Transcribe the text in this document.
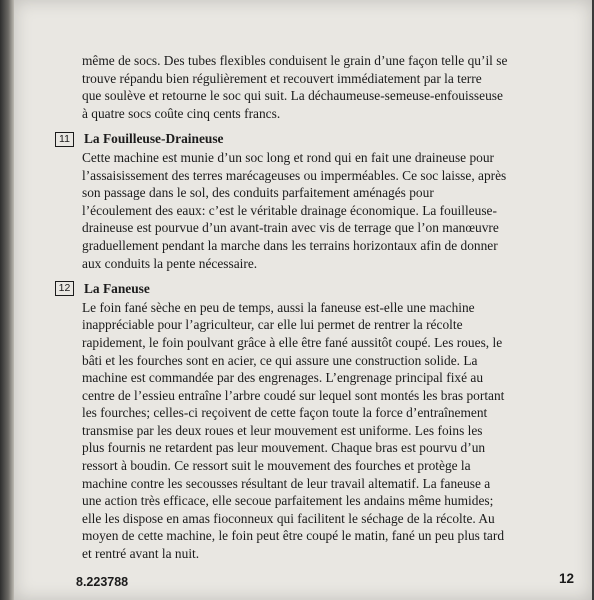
même de socs. Des tubes flexibles conduisent le grain d’une façon telle qu’il se

trouve répandu bien régulièrement et recouvert immédiatement par la terre

que soulève et retourne le soc qui suit. La déchaumeuse-semeuse-enfouisseuse

à quatre socs coûte cinq cents francs.

11	La Fouilleuse-Draineuse

Cette machine est munie d’un soc long et rond qui en fait une draineuse pour

l’assaisissement des terres marécageuses ou imperméables. Ce soc laisse, après

son passage dans le sol, des conduits parfaitement aménagés pour

l’écoulement des eaux: c’est le véritable drainage économique. La fouilleuse-

draineuse est pourvue d’un avant-train avec vis de terrage que l’on manœuvre

graduellement pendant la marche dans les terrains horizontaux afin de donner

aux conduits la pente nécessaire.

12 La Faneuse

Le foin fané sèche en peu de temps, aussi la faneuse est-elle une machine

inappréciable pour l’agriculteur, car elle lui permet de rentrer la récolte

rapidement, le foin poulvant grâce à elle être fané aussitôt coupé. Les roues, le

bâti et les fourches sont en acier, ce qui assure une construction solide. La

machine est commandée par des engrenages. L’engrenage principal fixé au

centre de l’essieu entraîne l’arbre coudé sur lequel sont montés les bras portant

les fourches; celles-ci reçoivent de cette façon toute la force d’entraînement

transmise par les deux roues et leur mouvement est uniforme. Les foins les

plus fournis ne retardent pas leur mouvement. Chaque bras est pourvu d’un

ressort à boudin. Ce ressort suit le mouvement des fourches et protège la

machine contre les secousses résultant de leur travail altematif. La faneuse a

une action très efficace, elle secoue parfaitement les andains même humides;

elle les dispose en amas fioconneux qui facilitent le séchage de la récolte. Au

moyen de cette machine, le foin peut être coupé le matin, fané un peu plus tard

et rentré avant la nuit.

8.223788	12
